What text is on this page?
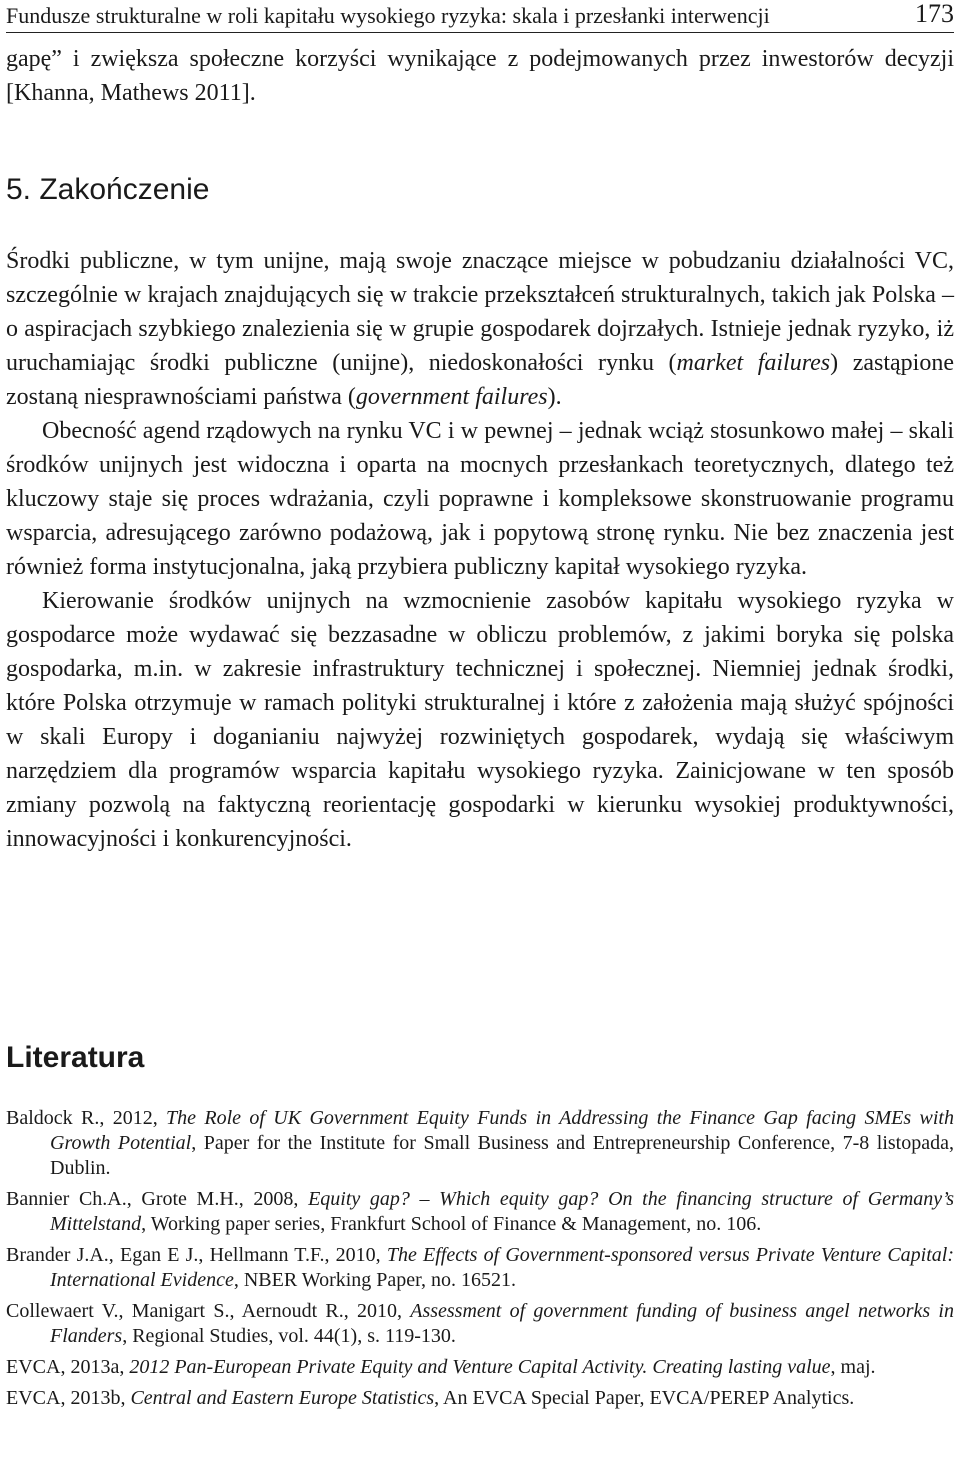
Fundusze strukturalne w roli kapitału wysokiego ryzyka: skala i przesłanki interwencji	173

gapę” i zwiększa społeczne korzyści wynikające z podejmowanych przez inwestorów decyzji [Khanna, Mathews 2011].

5. Zakończenie

Środki publiczne, w tym unijne, mają swoje znaczące miejsce w pobudzaniu działalności VC, szczególnie w krajach znajdujących się w trakcie przekształceń strukturalnych, takich jak Polska – o aspiracjach szybkiego znalezienia się w grupie gospodarek dojrzałych. Istnieje jednak ryzyko, iż uruchamiając środki publiczne (unijne), niedoskonałości rynku (market failures) zastąpione zostaną niesprawnościami państwa (government failures).

Obecność agend rządowych na rynku VC i w pewnej – jednak wciąż stosunkowo małej – skali środków unijnych jest widoczna i oparta na mocnych przesłankach teoretycznych, dlatego też kluczowy staje się proces wdrażania, czyli poprawne i kompleksowe skonstruowanie programu wsparcia, adresującego zarówno podażową, jak i popytową stronę rynku. Nie bez znaczenia jest również forma instytucjonalna, jaką przybiera publiczny kapitał wysokiego ryzyka.

Kierowanie środków unijnych na wzmocnienie zasobów kapitału wysokiego ryzyka w gospodarce może wydawać się bezzasadne w obliczu problemów, z jakimi boryka się polska gospodarka, m.in. w zakresie infrastruktury technicznej i społecznej. Niemniej jednak środki, które Polska otrzymuje w ramach polityki strukturalnej i które z założenia mają służyć spójności w skali Europy i doganianiu najwyżej rozwiniętych gospodarek, wydają się właściwym narzędziem dla programów wsparcia kapitału wysokiego ryzyka. Zainicjowane w ten sposób zmiany pozwolą na faktyczną reorientację gospodarki w kierunku wysokiej produktywności, innowacyjności i konkurencyjności.

Literatura

Baldock R., 2012, The Role of UK Government Equity Funds in Addressing the Finance Gap facing SMEs with Growth Potential, Paper for the Institute for Small Business and Entrepreneurship Conference, 7-8 listopada, Dublin.

Bannier Ch.A., Grote M.H., 2008, Equity gap? – Which equity gap? On the financing structure of Germany’s Mittelstand, Working paper series, Frankfurt School of Finance & Management, no. 106.

Brander J.A., Egan E J., Hellmann T.F., 2010, The Effects of Government-sponsored versus Private Venture Capital: International Evidence, NBER Working Paper, no. 16521.

Collewaert V., Manigart S., Aernoudt R., 2010, Assessment of government funding of business angel networks in Flanders, Regional Studies, vol. 44(1), s. 119-130.

EVCA, 2013a, 2012 Pan-European Private Equity and Venture Capital Activity. Creating lasting value, maj.

EVCA, 2013b, Central and Eastern Europe Statistics, An EVCA Special Paper, EVCA/PEREP Analytics.
